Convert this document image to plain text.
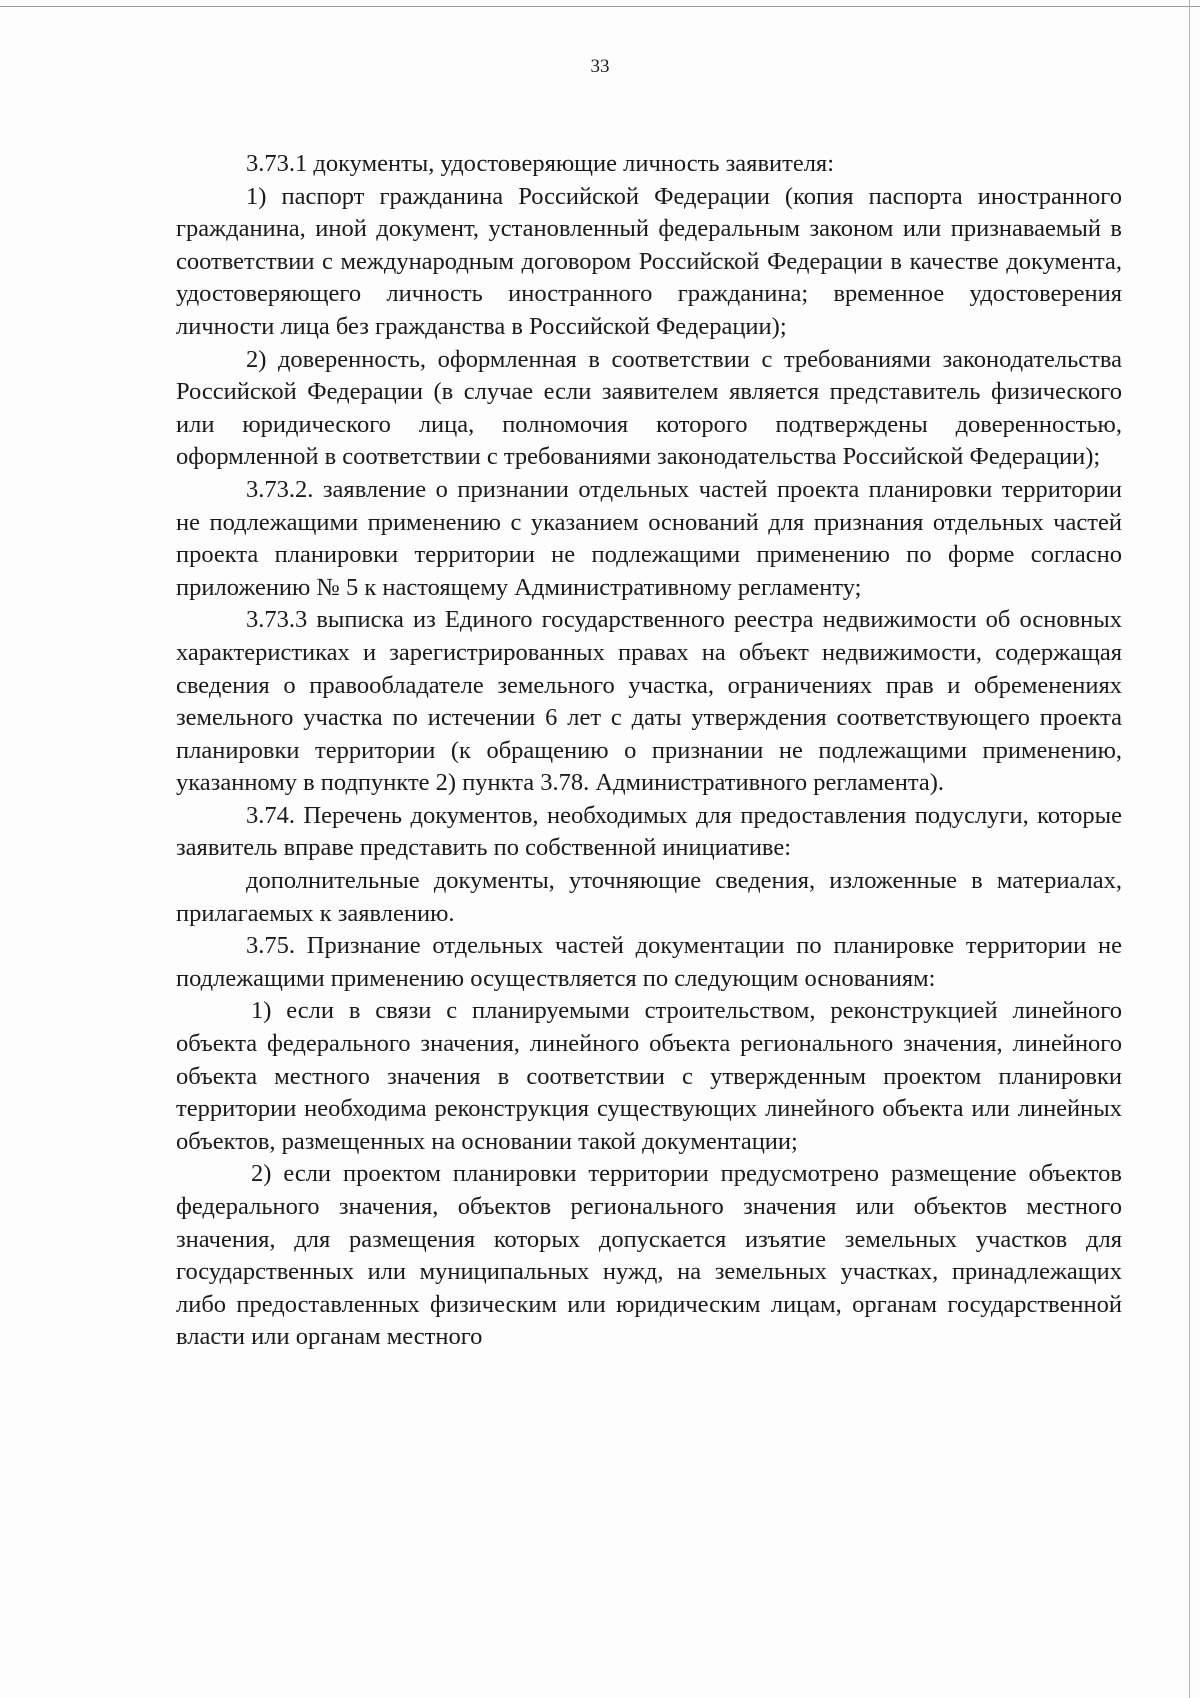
33

3.73.1 документы, удостоверяющие личность заявителя:

1) паспорт гражданина Российской Федерации (копия паспорта иностранного гражданина, иной документ, установленный федеральным законом или признаваемый в соответствии с международным договором Российской Федерации в качестве документа, удостоверяющего личность иностранного гражданина; временное удостоверения личности лица без гражданства в Российской Федерации);

2) доверенность, оформленная в соответствии с требованиями законодательства Российской Федерации (в случае если заявителем является представитель физического или юридического лица, полномочия которого подтверждены доверенностью, оформленной в соответствии с требованиями законодательства Российской Федерации);

3.73.2. заявление о признании отдельных частей проекта планировки территории не подлежащими применению с указанием оснований для признания отдельных частей проекта планировки территории не подлежащими применению по форме согласно приложению № 5 к настоящему Административному регламенту;

3.73.3 выписка из Единого государственного реестра недвижимости об основных характеристиках и зарегистрированных правах на объект недвижимости, содержащая сведения о правообладателе земельного участка, ограничениях прав и обременениях земельного участка по истечении 6 лет с даты утверждения соответствующего проекта планировки территории (к обращению о признании не подлежащими применению, указанному в подпункте 2) пункта 3.78. Административного регламента).

3.74. Перечень документов, необходимых для предоставления подуслуги, которые заявитель вправе представить по собственной инициативе:

дополнительные документы, уточняющие сведения, изложенные в материалах, прилагаемых к заявлению.

3.75. Признание отдельных частей документации по планировке территории не подлежащими применению осуществляется по следующим основаниям:

1) если в связи с планируемыми строительством, реконструкцией линейного объекта федерального значения, линейного объекта регионального значения, линейного объекта местного значения в соответствии с утвержденным проектом планировки территории необходима реконструкция существующих линейного объекта или линейных объектов, размещенных на основании такой документации;

2) если проектом планировки территории предусмотрено размещение объектов федерального значения, объектов регионального значения или объектов местного значения, для размещения которых допускается изъятие земельных участков для государственных или муниципальных нужд, на земельных участках, принадлежащих либо предоставленных физическим или юридическим лицам, органам государственной власти или органам местного
